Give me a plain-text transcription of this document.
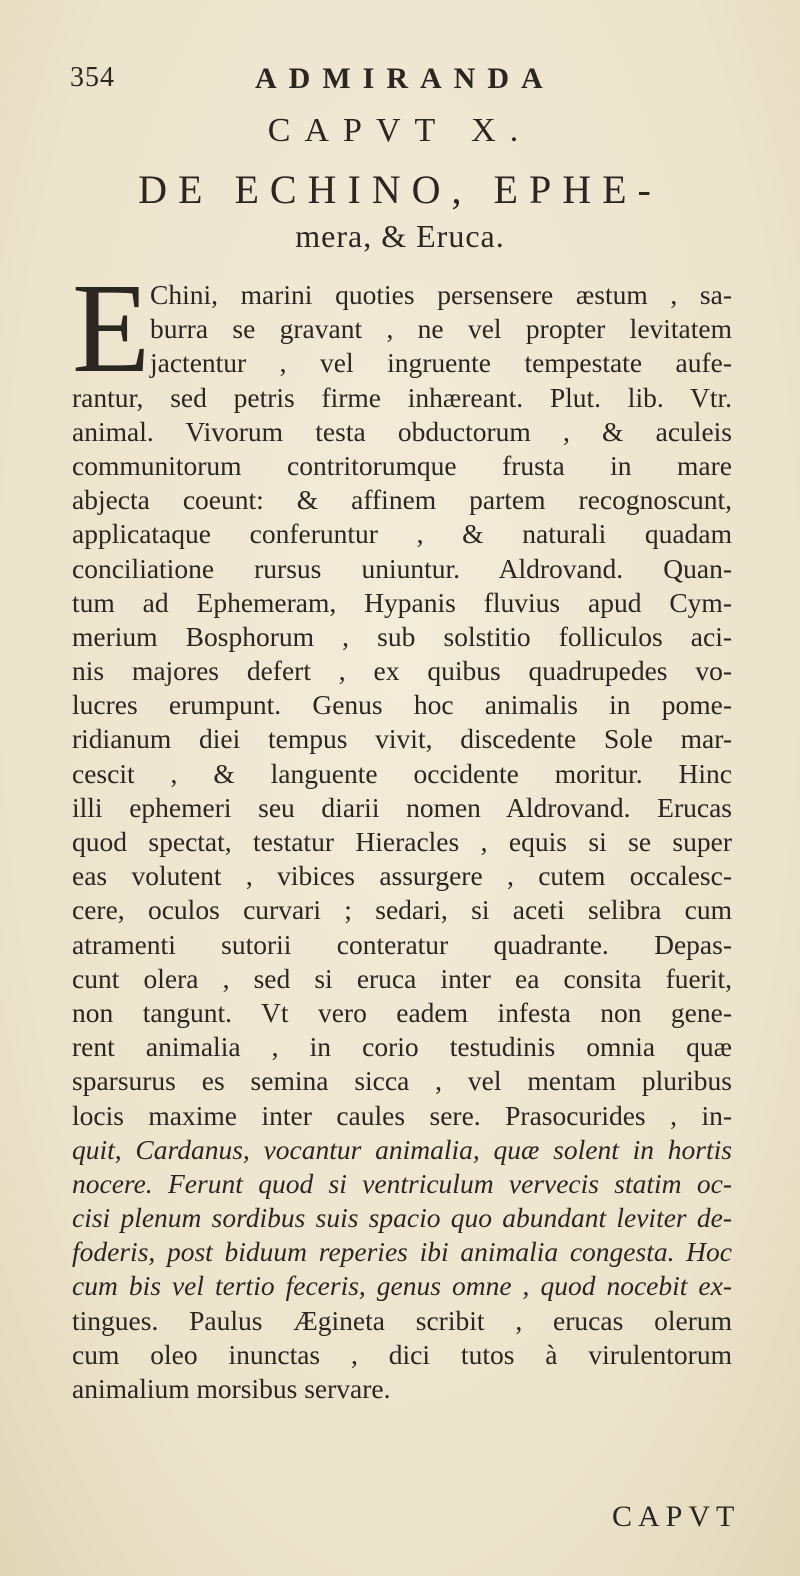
354	ADMIRANDA
CAPVT X.
DE ECHINO, EPHE-
mera, & Eruca.
E Chini, marini quoties persensere æstum , sa-
burra se gravant , ne vel propter levitatem
jactentur , vel ingruente tempestate aufe-
rantur, sed petris firme inhæreant. Plut. lib. Vtr.
animal. Vivorum testa obductorum , & aculeis
communitorum contritorumque frusta in mare
abjecta coeunt: & affinem partem recognoscunt,
applicataque conferuntur , & naturali quadam
conciliatione rursus uniuntur. Aldrovand. Quan-
tum ad Ephemeram, Hypanis fluvius apud Cym-
merium Bosphorum , sub solstitio folliculos aci-
nis majores defert , ex quibus quadrupedes vo-
lucres erumpunt. Genus hoc animalis in pome-
ridianum diei tempus vivit, discedente Sole mar-
cescit , & languente occidente moritur. Hinc
illi ephemeri seu diarii nomen Aldrovand. Erucas
quod spectat, testatur Hieracles , equis si se super
eas volutent , vibices assurgere , cutem occalesc-
cere, oculos curvari ; sedari, si aceti selibra cum
atramenti sutorii conteratur quadrante. Depas-
cunt olera , sed si eruca inter ea consita fuerit,
non tangunt. Vt vero eadem infesta non gene-
rent animalia , in corio testudinis omnia quæ
sparsurus es semina sicca , vel mentam pluribus
locis maxime inter caules sere. Prasocurides , in-
quit, Cardanus, vocantur animalia, quæ solent in hortis
nocere. Ferunt quod si ventriculum vervecis statim oc-
cisi plenum sordibus suis spacio quo abundant leviter de-
foderis, post biduum reperies ibi animalia congesta. Hoc
cum bis vel tertio feceris, genus omne , quod nocebit ex-
tingues. Paulus Ægineta scribit , erucas olerum
cum oleo inunctas , dici tutos à virulentorum
animalium morsibus servare.
CAPVT
